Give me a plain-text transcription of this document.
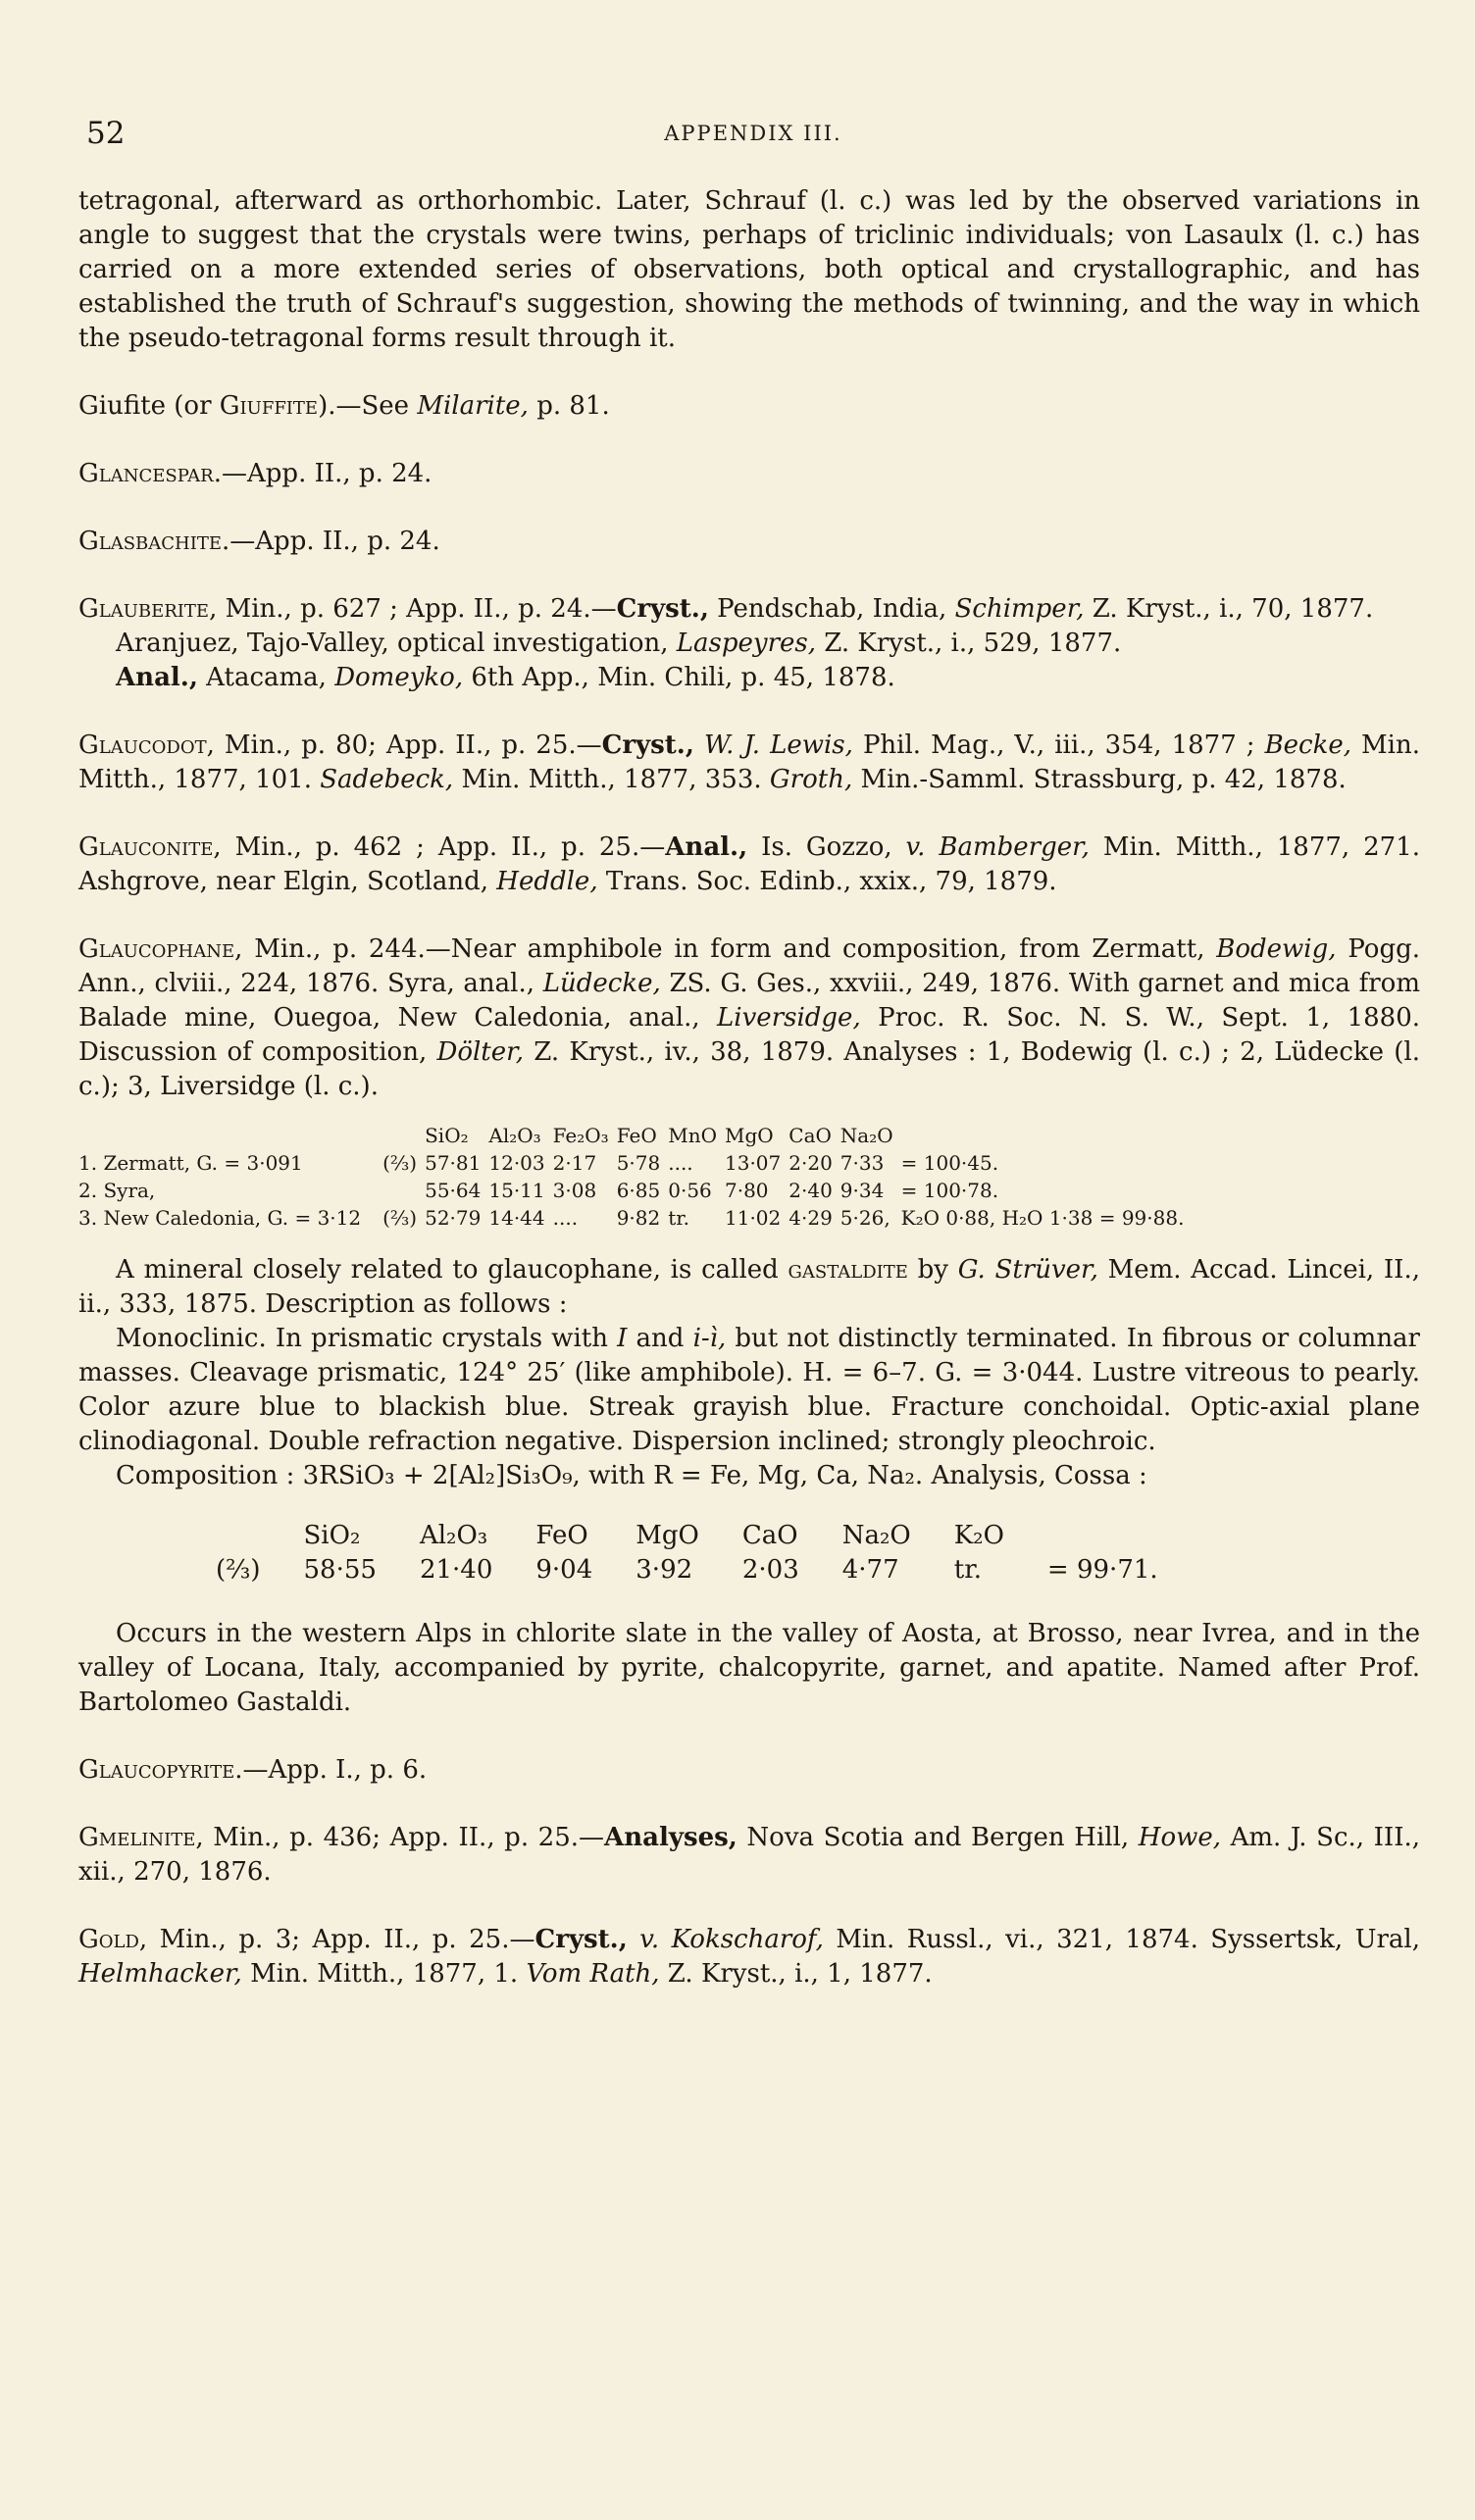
52	APPENDIX III.

tetragonal, afterward as orthorhombic. Later, Schrauf (l. c.) was led by the observed variations in angle to suggest that the crystals were twins, perhaps of triclinic individuals; von Lasaulx (l. c.) has carried on a more extended series of observations, both optical and crystallographic, and has established the truth of Schrauf's suggestion, showing the methods of twinning, and the way in which the pseudo-tetragonal forms result through it.

Giufite (or Giuffite).—See Milarite, p. 81.

Glancespar.—App. II., p. 24.

Glasbachite.—App. II., p. 24.

Glauberite, Min., p. 627 ; App. II., p. 24.—Cryst., Pendschab, India, Schimper, Z. Kryst., i., 70, 1877.

Aranjuez, Tajo-Valley, optical investigation, Laspeyres, Z. Kryst., i., 529, 1877.

Anal., Atacama, Domeyko, 6th App., Min. Chili, p. 45, 1878.

Glaucodot, Min., p. 80; App. II., p. 25.—Cryst., W. J. Lewis, Phil. Mag., V., iii., 354, 1877 ; Becke, Min. Mitth., 1877, 101. Sadebeck, Min. Mitth., 1877, 353. Groth, Min.-Samml. Strassburg, p. 42, 1878.

Glauconite, Min., p. 462 ; App. II., p. 25.—Anal., Is. Gozzo, v. Bamberger, Min. Mitth., 1877, 271. Ashgrove, near Elgin, Scotland, Heddle, Trans. Soc. Edinb., xxix., 79, 1879.

Glaucophane, Min., p. 244.—Near amphibole in form and composition, from Zermatt, Bodewig, Pogg. Ann., clviii., 224, 1876. Syra, anal., Lüdecke, ZS. G. Ges., xxviii., 249, 1876. With garnet and mica from Balade mine, Ouegoa, New Caledonia, anal., Liversidge, Proc. R. Soc. N. S. W., Sept. 1, 1880. Discussion of composition, Dölter, Z. Kryst., iv., 38, 1879. Analyses : 1, Bodewig (l. c.) ; 2, Lüdecke (l. c.); 3, Liversidge (l. c.).

		SiO₂	Al₂O₃	Fe₂O₃	FeO	MnO	MgO	CaO	Na₂O	
1. Zermatt, G. = 3·091	(⅔)	57·81	12·03	2·17	5·78	....	13·07	2·20	7·33	= 100·45.
2. Syra,		55·64	15·11	3·08	6·85	0·56	7·80	2·40	9·34	= 100·78.
3. New Caledonia, G. = 3·12	(⅔)	52·79	14·44	....	9·82	tr.	11·02	4·29	5·26,	K₂O 0·88, H₂O 1·38 = 99·88.

A mineral closely related to glaucophane, is called gastaldite by G. Strüver, Mem. Accad. Lincei, II., ii., 333, 1875. Description as follows :

Monoclinic. In prismatic crystals with I and i-ì, but not distinctly terminated. In fibrous or columnar masses. Cleavage prismatic, 124° 25′ (like amphibole). H. = 6–7. G. = 3·044. Lustre vitreous to pearly. Color azure blue to blackish blue. Streak grayish blue. Fracture conchoidal. Optic-axial plane clinodiagonal. Double refraction negative. Dispersion inclined; strongly pleochroic.

Composition : 3RSiO₃ + 2[Al₂]Si₃O₉, with R = Fe, Mg, Ca, Na₂. Analysis, Cossa :

	SiO₂	Al₂O₃	FeO	MgO	CaO	Na₂O	K₂O	
(⅔)	58·55	21·40	9·04	3·92	2·03	4·77	tr.	= 99·71.

Occurs in the western Alps in chlorite slate in the valley of Aosta, at Brosso, near Ivrea, and in the valley of Locana, Italy, accompanied by pyrite, chalcopyrite, garnet, and apatite. Named after Prof. Bartolomeo Gastaldi.

Glaucopyrite.—App. I., p. 6.

Gmelinite, Min., p. 436; App. II., p. 25.—Analyses, Nova Scotia and Bergen Hill, Howe, Am. J. Sc., III., xii., 270, 1876.

Gold, Min., p. 3; App. II., p. 25.—Cryst., v. Kokscharof, Min. Russl., vi., 321, 1874. Syssertsk, Ural, Helmhacker, Min. Mitth., 1877, 1. Vom Rath, Z. Kryst., i., 1, 1877.
